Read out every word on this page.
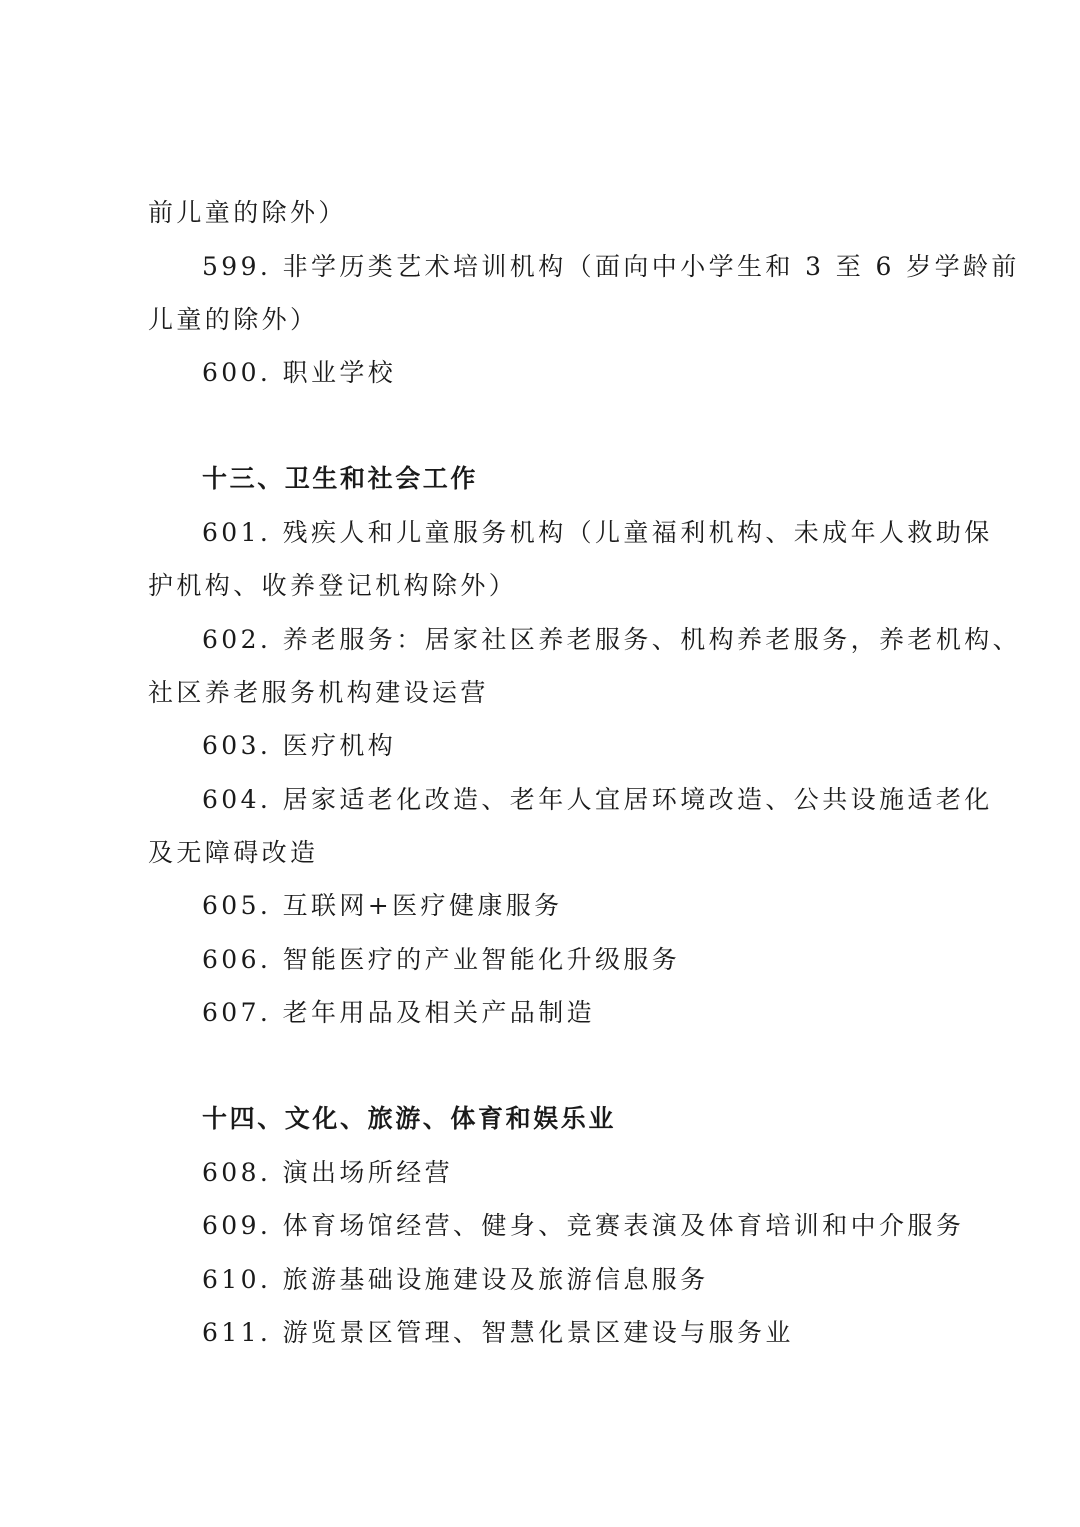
前儿童的除外）
599. 非学历类艺术培训机构（面向中小学生和 3 至 6 岁学龄前
儿童的除外）
600. 职业学校
十三、卫生和社会工作
601. 残疾人和儿童服务机构（儿童福利机构、未成年人救助保
护机构、收养登记机构除外）
602. 养老服务：居家社区养老服务、机构养老服务，养老机构、
社区养老服务机构建设运营
603. 医疗机构
604. 居家适老化改造、老年人宜居环境改造、公共设施适老化
及无障碍改造
605. 互联网+医疗健康服务
606. 智能医疗的产业智能化升级服务
607. 老年用品及相关产品制造
十四、文化、旅游、体育和娱乐业
608. 演出场所经营
609. 体育场馆经营、健身、竞赛表演及体育培训和中介服务
610. 旅游基础设施建设及旅游信息服务
611. 游览景区管理、智慧化景区建设与服务业
